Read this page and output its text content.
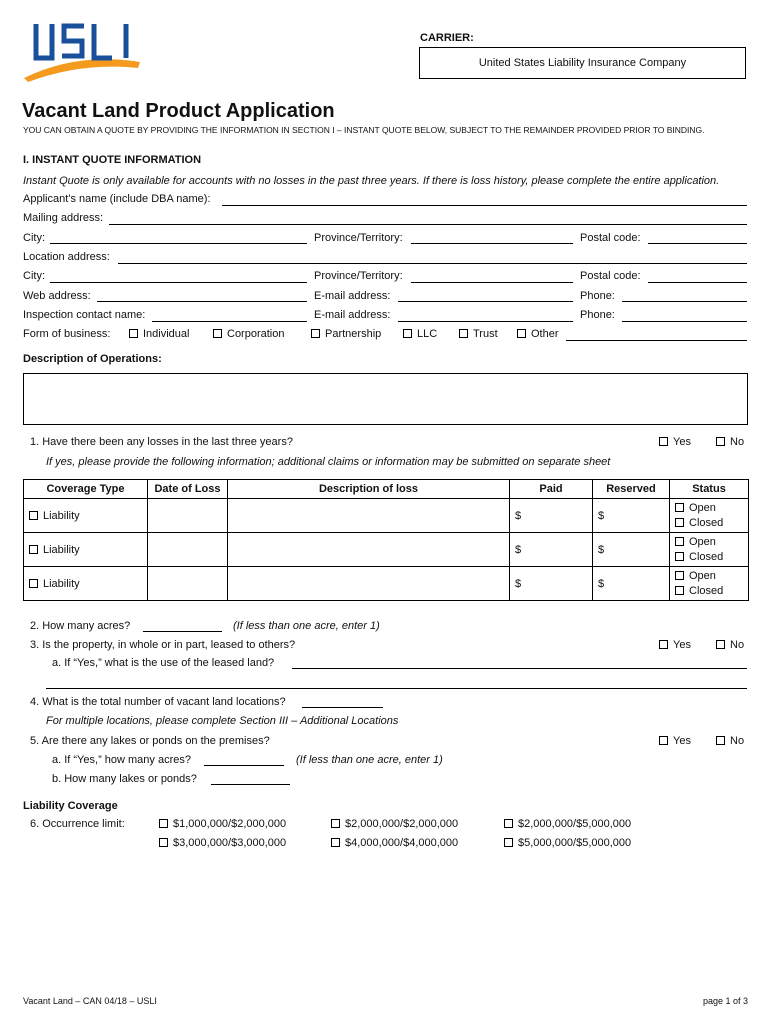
CARRIER:
United States Liability Insurance Company
Vacant Land Product Application
YOU CAN OBTAIN A QUOTE BY PROVIDING THE INFORMATION IN SECTION I – INSTANT QUOTE BELOW, SUBJECT TO THE REMAINDER PROVIDED PRIOR TO BINDING.
I. INSTANT QUOTE INFORMATION
Instant Quote is only available for accounts with no losses in the past three years. If there is loss history, please complete the entire application.
Applicant’s name (include DBA name):
Mailing address:
City:	Province/Territory:	Postal code:
Location address:
City:	Province/Territory:	Postal code:
Web address:	E-mail address:	Phone:
Inspection contact name:	E-mail address:	Phone:
Form of business:	Individual	Corporation	Partnership	LLC	Trust	Other
Description of Operations:
1. Have there been any losses in the last three years?	Yes	No
If yes, please provide the following information; additional claims or information may be submitted on separate sheet
Coverage Type	Date of Loss	Description of loss	Paid	Reserved	Status
Liability			$	$	Open
Closed

Liability			$	$	Open
Closed

Liability			$	$	Open
Closed
2. How many acres?	(If less than one acre, enter 1)
3. Is the property, in whole or in part, leased to others?	Yes	No
a. If “Yes,” what is the use of the leased land?
4. What is the total number of vacant land locations?
For multiple locations, please complete Section III – Additional Locations
5. Are there any lakes or ponds on the premises?	Yes	No
a. If “Yes,” how many acres?	(If less than one acre, enter 1)
b. How many lakes or ponds?
Liability Coverage
6. Occurrence limit:	$1,000,000/$2,000,000	$2,000,000/$2,000,000	$2,000,000/$5,000,000
$3,000,000/$3,000,000	$4,000,000/$4,000,000	$5,000,000/$5,000,000
Vacant Land – CAN 04/18 – USLI	page 1 of 3
